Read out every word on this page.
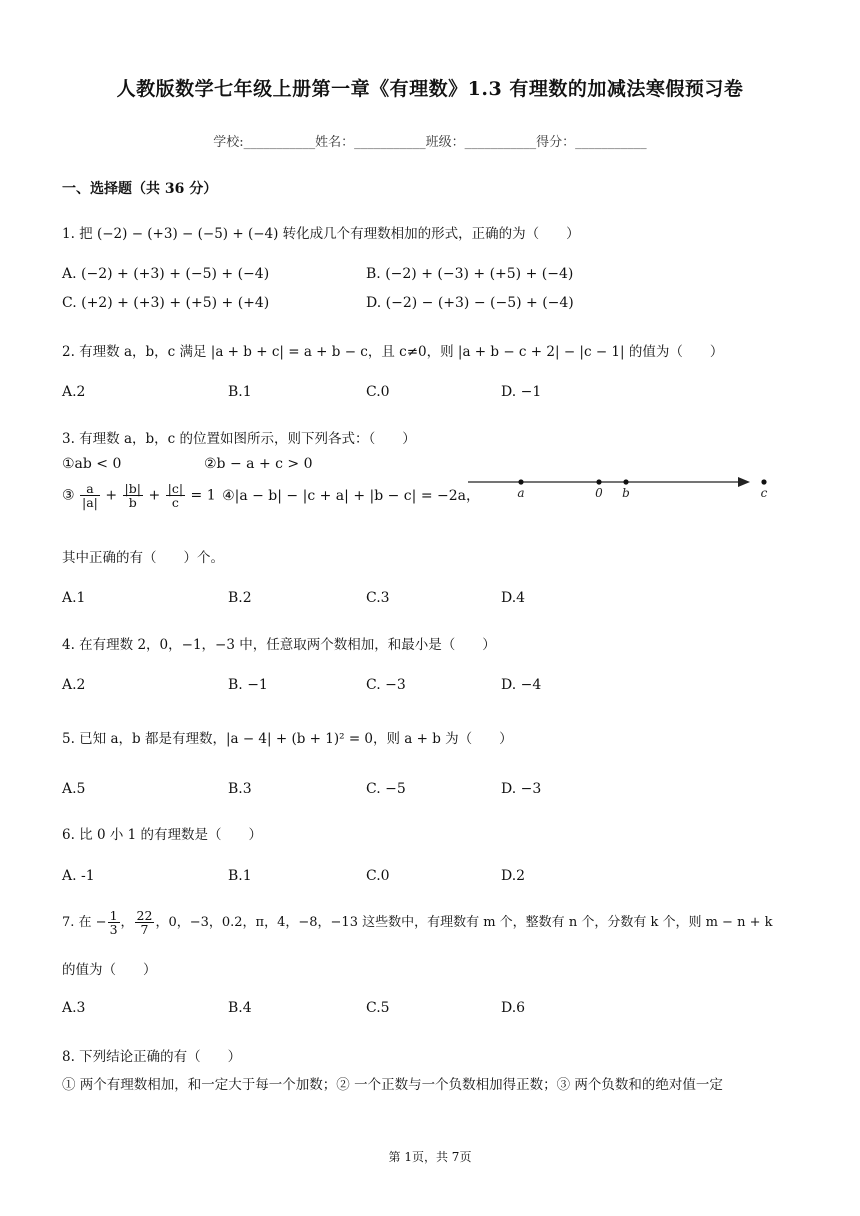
人教版数学七年级上册第一章《有理数》1.3 有理数的加减法寒假预习卷
学校:___________姓名：___________班级：___________得分：___________
一、选择题（共 36 分）
1. 把 (−2) − (+3) − (−5) + (−4) 转化成几个有理数相加的形式，正确的为（　　）
A. (−2) + (+3) + (−5) + (−4)	B. (−2) + (−3) + (+5) + (−4)
C. (+2) + (+3) + (+5) + (+4)	D. (−2) − (+3) − (−5) + (−4)
2. 有理数 a，b，c 满足 |a + b + c| = a + b − c，且 c≠0，则 |a + b − c + 2| − |c − 1| 的值为（　　）
A.2	B.1	C.0	D. −1
3. 有理数 a，b，c 的位置如图所示，则下列各式：（　　）
①ab < 0	②b − a + c > 0
③ $\frac{a}{|a|} + \frac{|b|}{b} + \frac{|c|}{c} = 1$ ④|a − b| − |c + a| + |b − c| = −2a，	a	0 b	c
其中正确的有（　　）个。
A.1	B.2	C.3	D.4
4. 在有理数 2，0，−1，−3 中，任意取两个数相加，和最小是（　　）
A.2	B. −1	C. −3	D. −4
5. 已知 a，b 都是有理数，|a − 4| + (b + 1)² = 0，则 a + b 为（　　）
A.5	B.3	C. −5	D. −3
6. 比 0 小 1 的有理数是（　　）
A. -1	B.1	C.0	D.2
7. 在 − $\frac{1}{3}$ ， $\frac{22}{7}$ ，0，−3，0.2，π，4，−8，−13 这些数中，有理数有 m 个，整数有 n 个，分数有 k 个，则 m − n + k
的值为（　　）
A.3	B.4	C.5	D.6
8. 下列结论正确的有（　　）
① 两个有理数相加，和一定大于每一个加数；② 一个正数与一个负数相加得正数；③ 两个负数和的绝对值一定
第 1页，共 7页
